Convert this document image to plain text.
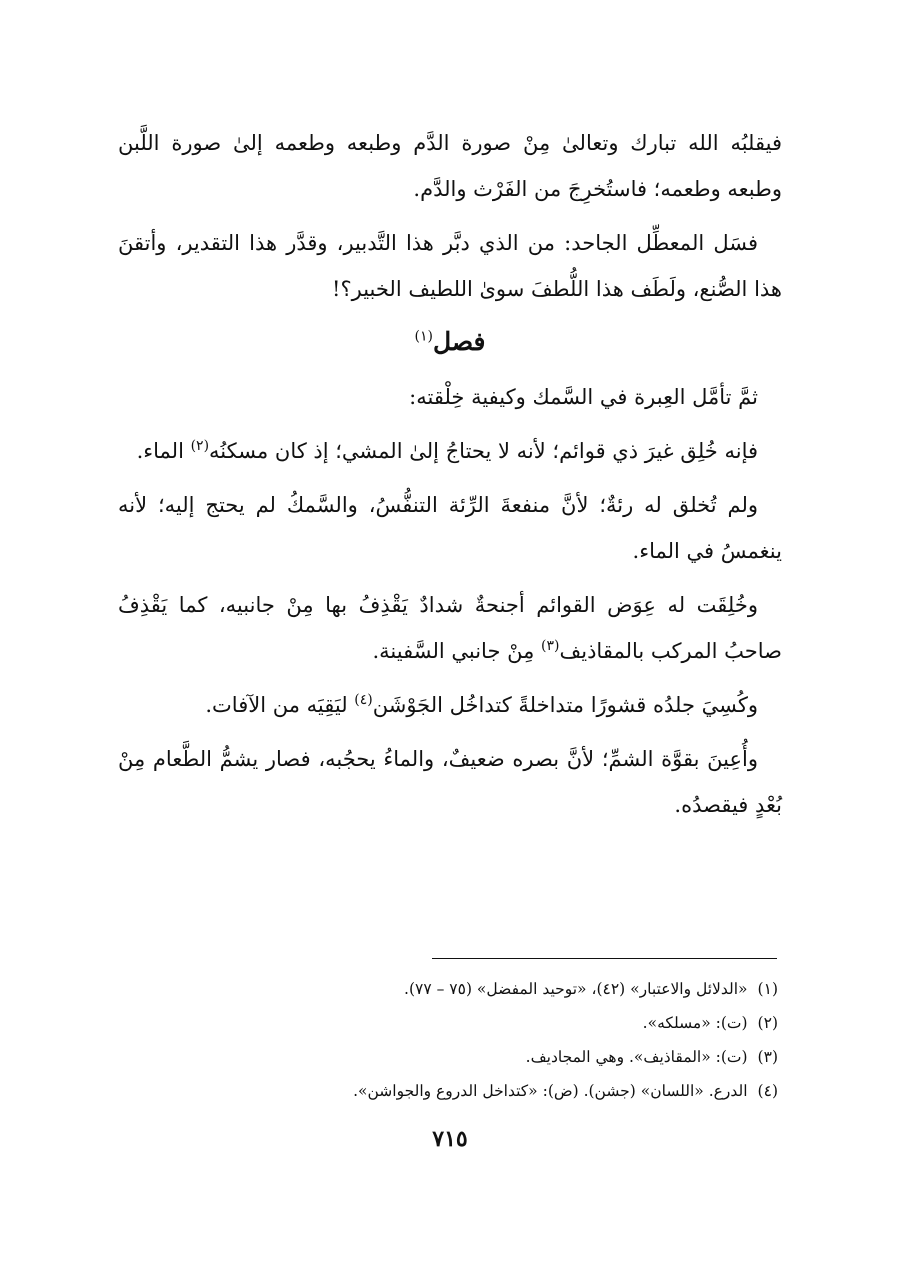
فيقلبُه الله تبارك وتعالىٰ مِنْ صورة الدَّم وطبعه وطعمه إلىٰ صورة اللَّبن وطبعه وطعمه؛ فاستُخرِجَ من الفَرْث والدَّم.

فسَل المعطِّل الجاحد: من الذي دبَّر هذا التَّدبير، وقدَّر هذا التقدير، وأتقنَ هذا الصُّنع، ولَطَف هذا اللُّطفَ سوىٰ اللطيف الخبير؟!

فصل$^{(١)}$

ثمَّ تأمَّل العِبرة في السَّمك وكيفية خِلْقته:

فإنه خُلِق غيرَ ذي قوائم؛ لأنه لا يحتاجُ إلىٰ المشي؛ إذ كان مسكنُه$^{(٢)}$ الماء.

ولم تُخلق له رئةٌ؛ لأنَّ منفعةَ الرِّئة التنفُّسُ، والسَّمكُ لم يحتج إليه؛ لأنه ينغمسُ في الماء.

وخُلِقَت له عِوَض القوائم أجنحةٌ شدادٌ يَقْذِفُ بها مِنْ جانبيه، كما يَقْذِفُ صاحبُ المركب بالمقاذيف$^{(٣)}$ مِنْ جانبي السَّفينة.

وكُسِيَ جلدُه قشورًا متداخلةً كتداخُل الجَوْشَن$^{(٤)}$ ليَقِيَه من الآفات.

وأُعِينَ بقوَّة الشمِّ؛ لأنَّ بصره ضعيفٌ، والماءُ يحجُبه، فصار يشمُّ الطَّعام مِنْ بُعْدٍ فيقصدُه.

(١)«الدلائل والاعتبار» (٤٢)، «توحيد المفضل» (٧٥ – ٧٧).
(٢)(ت): «مسلكه».
(٣)(ت): «المقاذيف». وهي المجاديف.
(٤)الدرع. «اللسان» (جشن). (ض): «كتداخل الدروع والجواشن».
٧١٥
